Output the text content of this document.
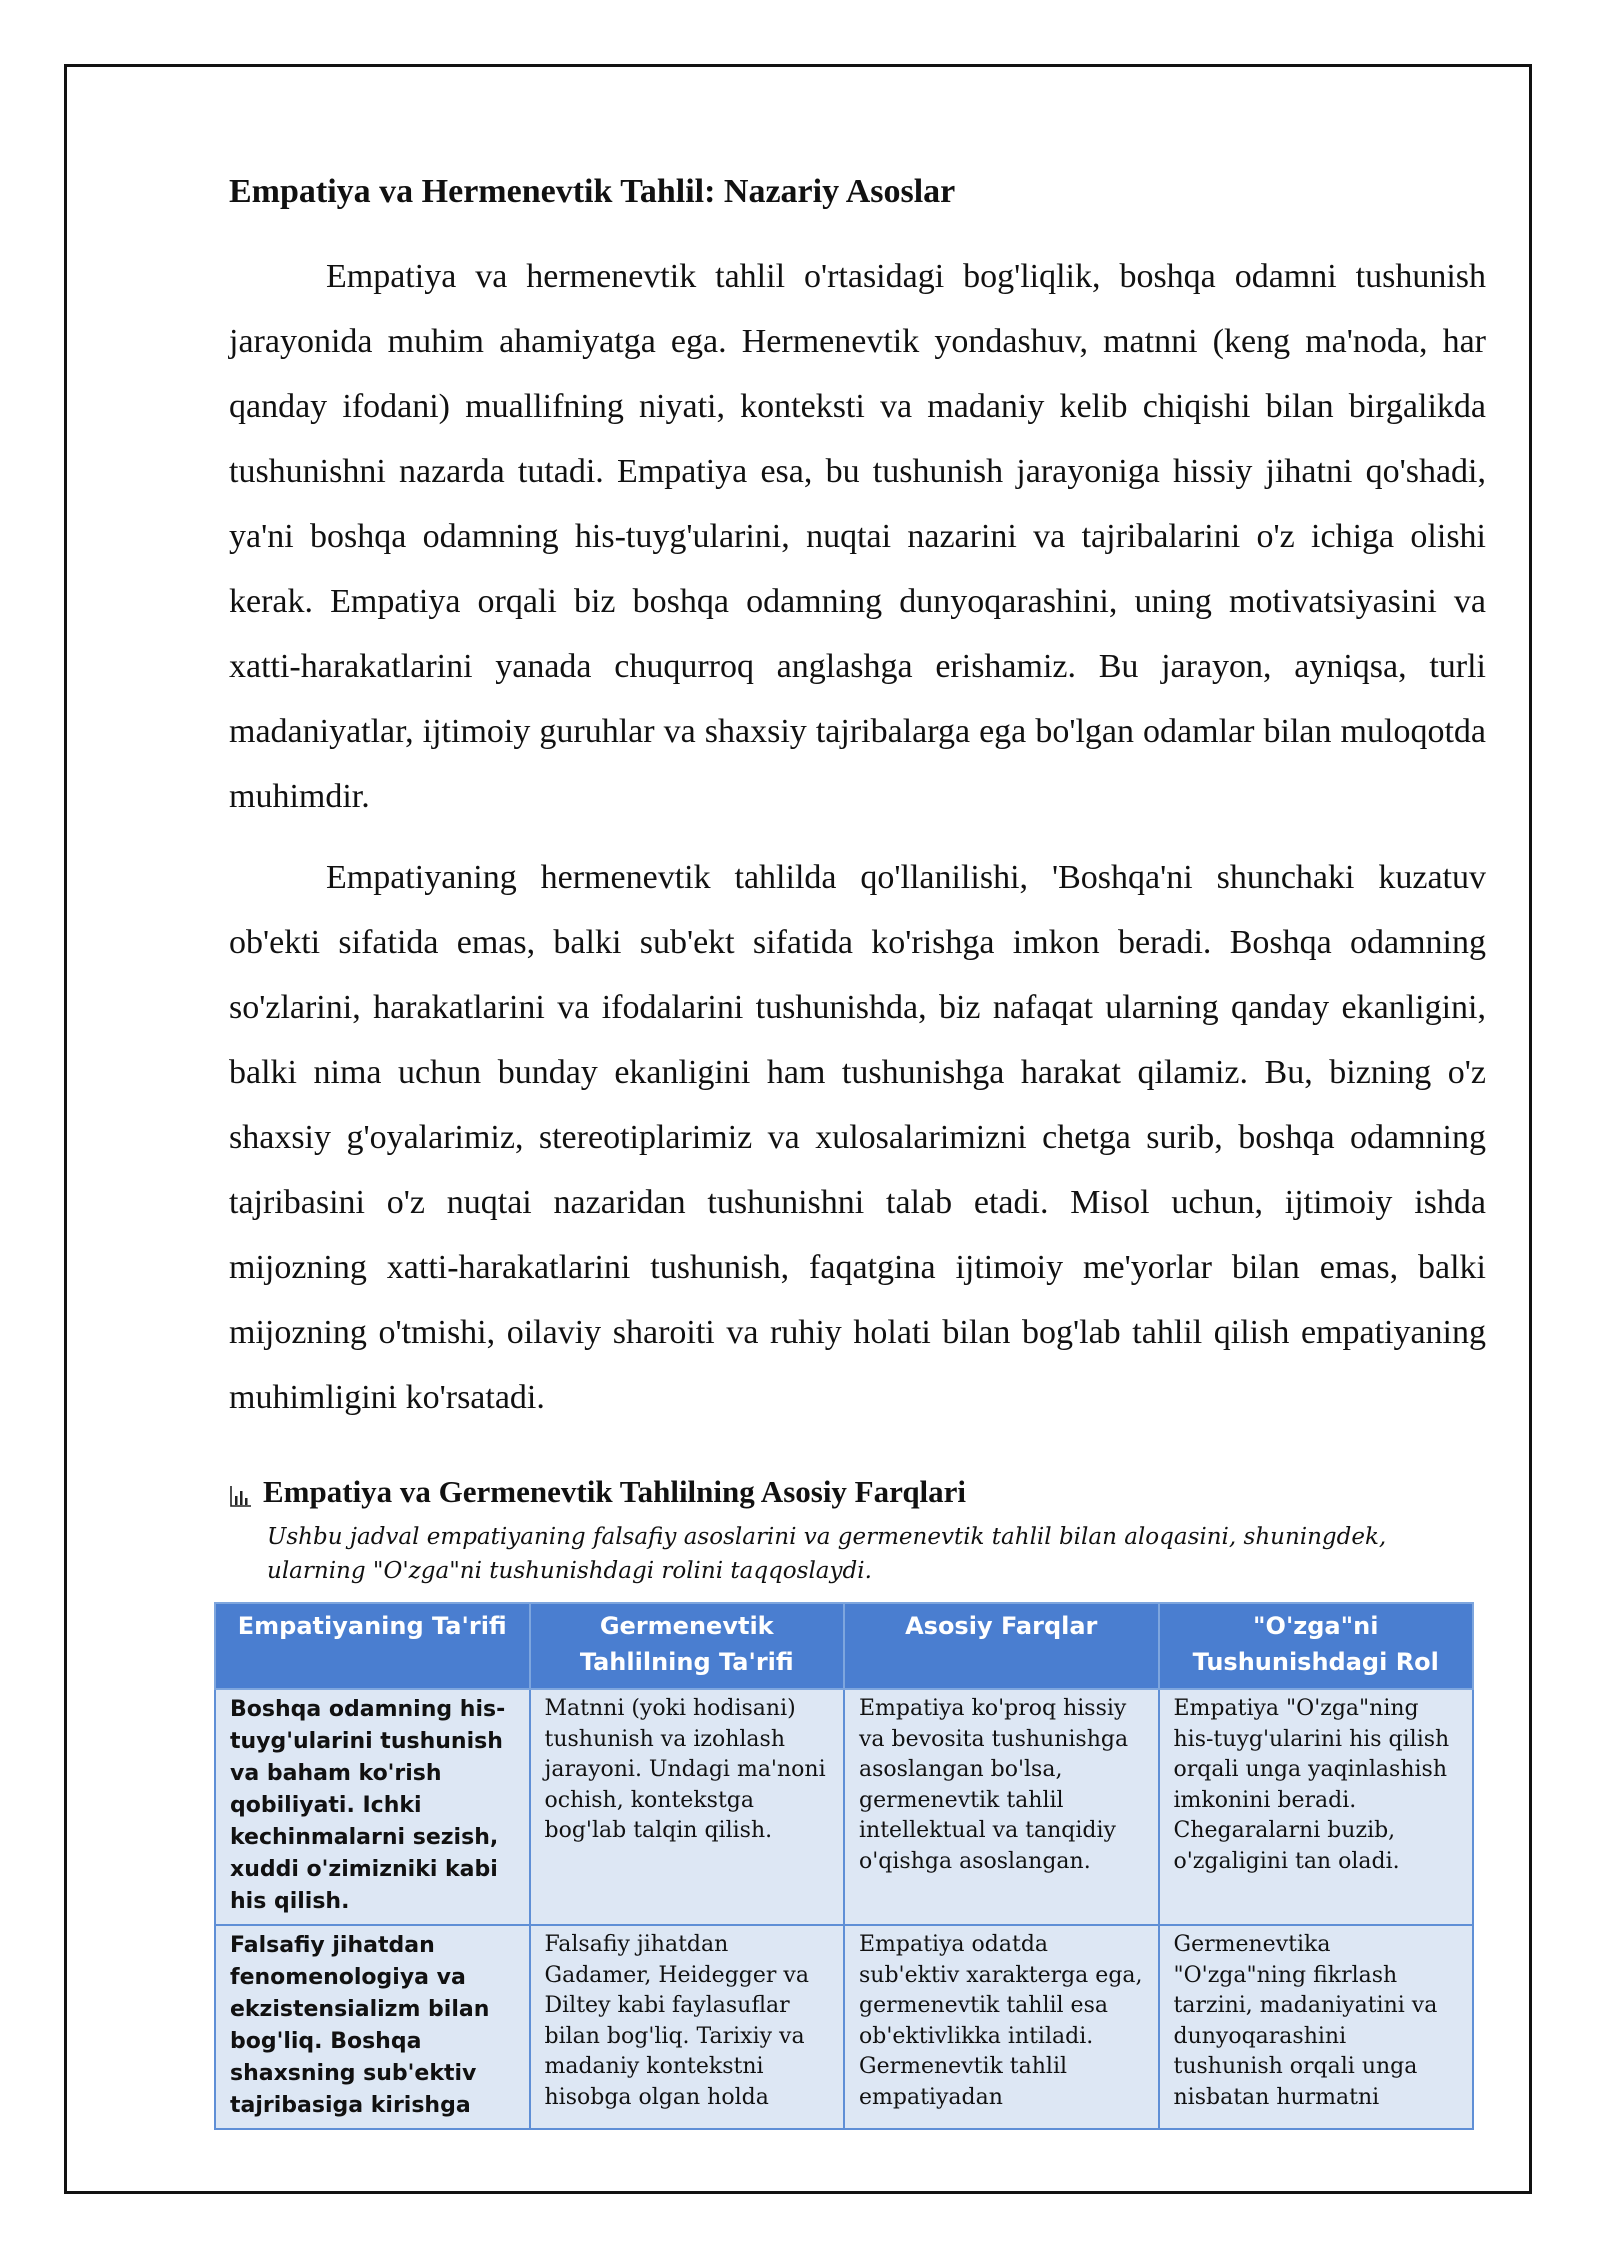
Empatiya va Hermenevtik Tahlil: Nazariy Asoslar

Empatiya va hermenevtik tahlil o'rtasidagi bog'liqlik, boshqa odamni tushunish jarayonida muhim ahamiyatga ega. Hermenevtik yondashuv, matnni (keng ma'noda, har qanday ifodani) muallifning niyati, konteksti va madaniy kelib chiqishi bilan birgalikda tushunishni nazarda tutadi. Empatiya esa, bu tushunish jarayoniga hissiy jihatni qo'shadi, ya'ni boshqa odamning his-tuyg'ularini, nuqtai nazarini va tajribalarini o'z ichiga olishi kerak. Empatiya orqali biz boshqa odamning dunyoqarashini, uning motivatsiyasini va xatti-harakatlarini yanada chuqurroq anglashga erishamiz. Bu jarayon, ayniqsa, turli madaniyatlar, ijtimoiy guruhlar va shaxsiy tajribalarga ega bo'lgan odamlar bilan muloqotda muhimdir.

Empatiyaning hermenevtik tahlilda qo'llanilishi, 'Boshqa'ni shunchaki kuzatuv ob'ekti sifatida emas, balki sub'ekt sifatida ko'rishga imkon beradi. Boshqa odamning so'zlarini, harakatlarini va ifodalarini tushunishda, biz nafaqat ularning qanday ekanligini, balki nima uchun bunday ekanligini ham tushunishga harakat qilamiz. Bu, bizning o'z shaxsiy g'oyalarimiz, stereotiplarimiz va xulosalarimizni chetga surib, boshqa odamning tajribasini o'z nuqtai nazaridan tushunishni talab etadi. Misol uchun, ijtimoiy ishda mijozning xatti-harakatlarini tushunish, faqatgina ijtimoiy me'yorlar bilan emas, balki mijozning o'tmishi, oilaviy sharoiti va ruhiy holati bilan bog'lab tahlil qilish empatiyaning muhimligini ko'rsatadi.

Empatiya va Germenevtik Tahlilning Asosiy Farqlari
Ushbu jadval empatiyaning falsafiy asoslarini va germenevtik tahlil bilan aloqasini, shuningdek, ularning "O'zga"ni tushunishdagi rolini taqqoslaydi.
Empatiyaning Ta'rifi	Germenevtik Tahlilning Ta'rifi	Asosiy Farqlar	"O'zga"ni Tushunishdagi Rol
Boshqa odamning his-tuyg'ularini tushunish va baham ko'rish qobiliyati. Ichki kechinmalarni sezish, xuddi o'zimizniki kabi his qilish.	Matnni (yoki hodisani) tushunish va izohlash jarayoni. Undagi ma'noni ochish, kontekstga bog'lab talqin qilish.	Empatiya ko'proq hissiy va bevosita tushunishga asoslangan bo'lsa, germenevtik tahlil intellektual va tanqidiy o'qishga asoslangan.	Empatiya "O'zga"ning his-tuyg'ularini his qilish orqali unga yaqinlashish imkonini beradi. Chegaralarni buzib, o'zgaligini tan oladi.
Falsafiy jihatdan fenomenologiya va ekzistensializm bilan bog'liq. Boshqa shaxsning sub'ektiv tajribasiga kirishga	Falsafiy jihatdan Gadamer, Heidegger va Diltey kabi faylasuflar bilan bog'liq. Tarixiy va madaniy kontekstni hisobga olgan holda	Empatiya odatda sub'ektiv xarakterga ega, germenevtik tahlil esa ob'ektivlikka intiladi. Germenevtik tahlil empatiyadan	Germenevtika "O'zga"ning fikrlash tarzini, madaniyatini va dunyoqarashini tushunish orqali unga nisbatan hurmatni
